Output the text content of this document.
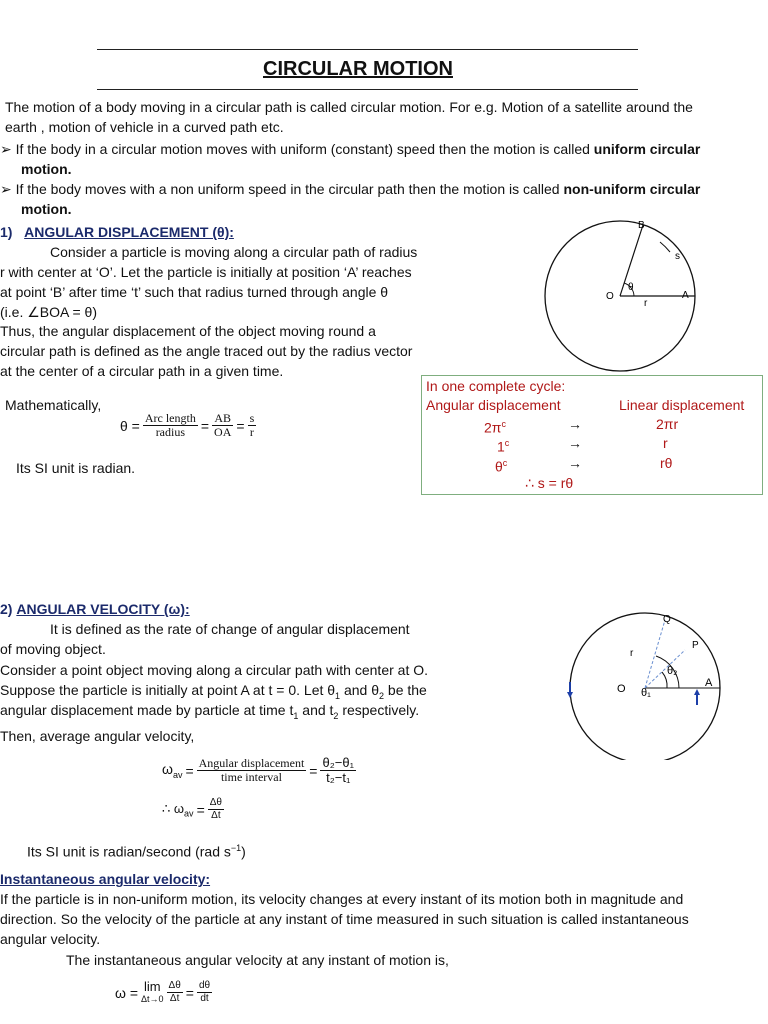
CIRCULAR MOTION
The motion of a body moving in a circular path is called circular motion. For e.g. Motion of a satellite around the
earth , motion of vehicle in a curved path etc.
➢ If the body in a circular motion moves with uniform (constant) speed then the motion is called uniform circular
motion.
➢ If the body moves with a non uniform speed in the circular path then the motion is called non-uniform circular
motion.
1) ANGULAR DISPLACEMENT (θ):
Consider a particle is moving along a circular path of radius
r with center at ‘O’. Let the particle is initially at position ‘A’ reaches
at point ‘B’ after time ‘t’ such that radius turned through angle θ
(i.e. ∠BOA = θ)
Thus, the angular displacement of the object moving round a
circular path is defined as the angle traced out by the radius vector
at the center of a circular path in a given time.
Mathematically,
$\theta = \frac{\text{Arc length}}{\text{radius}} = \frac{AB}{OA} = \frac{s}{r}$
Its SI unit is radian.
B
s
O
θ
r
A
In one complete cycle:
Angular displacement	Linear displacement
$2\pi^c$	→	2πr
$1^c$	→	r
$\theta^c$	→	rθ
∴ s = rθ
2) ANGULAR VELOCITY (ω):
It is defined as the rate of change of angular displacement
of moving object.
Consider a point object moving along a circular path with center at O.
Suppose the particle is initially at point A at t = 0. Let $\theta_1$ and $\theta_2$ be the
angular displacement made by particle at time $t_1$ and $t_2$ respectively.
Then, average angular velocity,
$\omega_{av} = \frac{\text{Angular displacement}}{\text{time interval}} = \frac{\text{θ₂−θ₁}}{\text{t₂−t₁}}$
∴ $\omega_{av} = \frac{\Delta\theta}{\Delta t}$
Its SI unit is radian/second (rad $s^{-1}$)
Q
P
r
θ₂
O θ₁
A
Instantaneous angular velocity:
If the particle is in non-uniform motion, its velocity changes at every instant of its motion both in magnitude and
direction. So the velocity of the particle at any instant of time measured in such situation is called instantaneous
angular velocity.
The instantaneous angular velocity at any instant of motion is,
ω = lim
$\Delta t\to 0 \frac{\Delta\theta}{\Delta t} = \frac{d\theta}{dt}$
